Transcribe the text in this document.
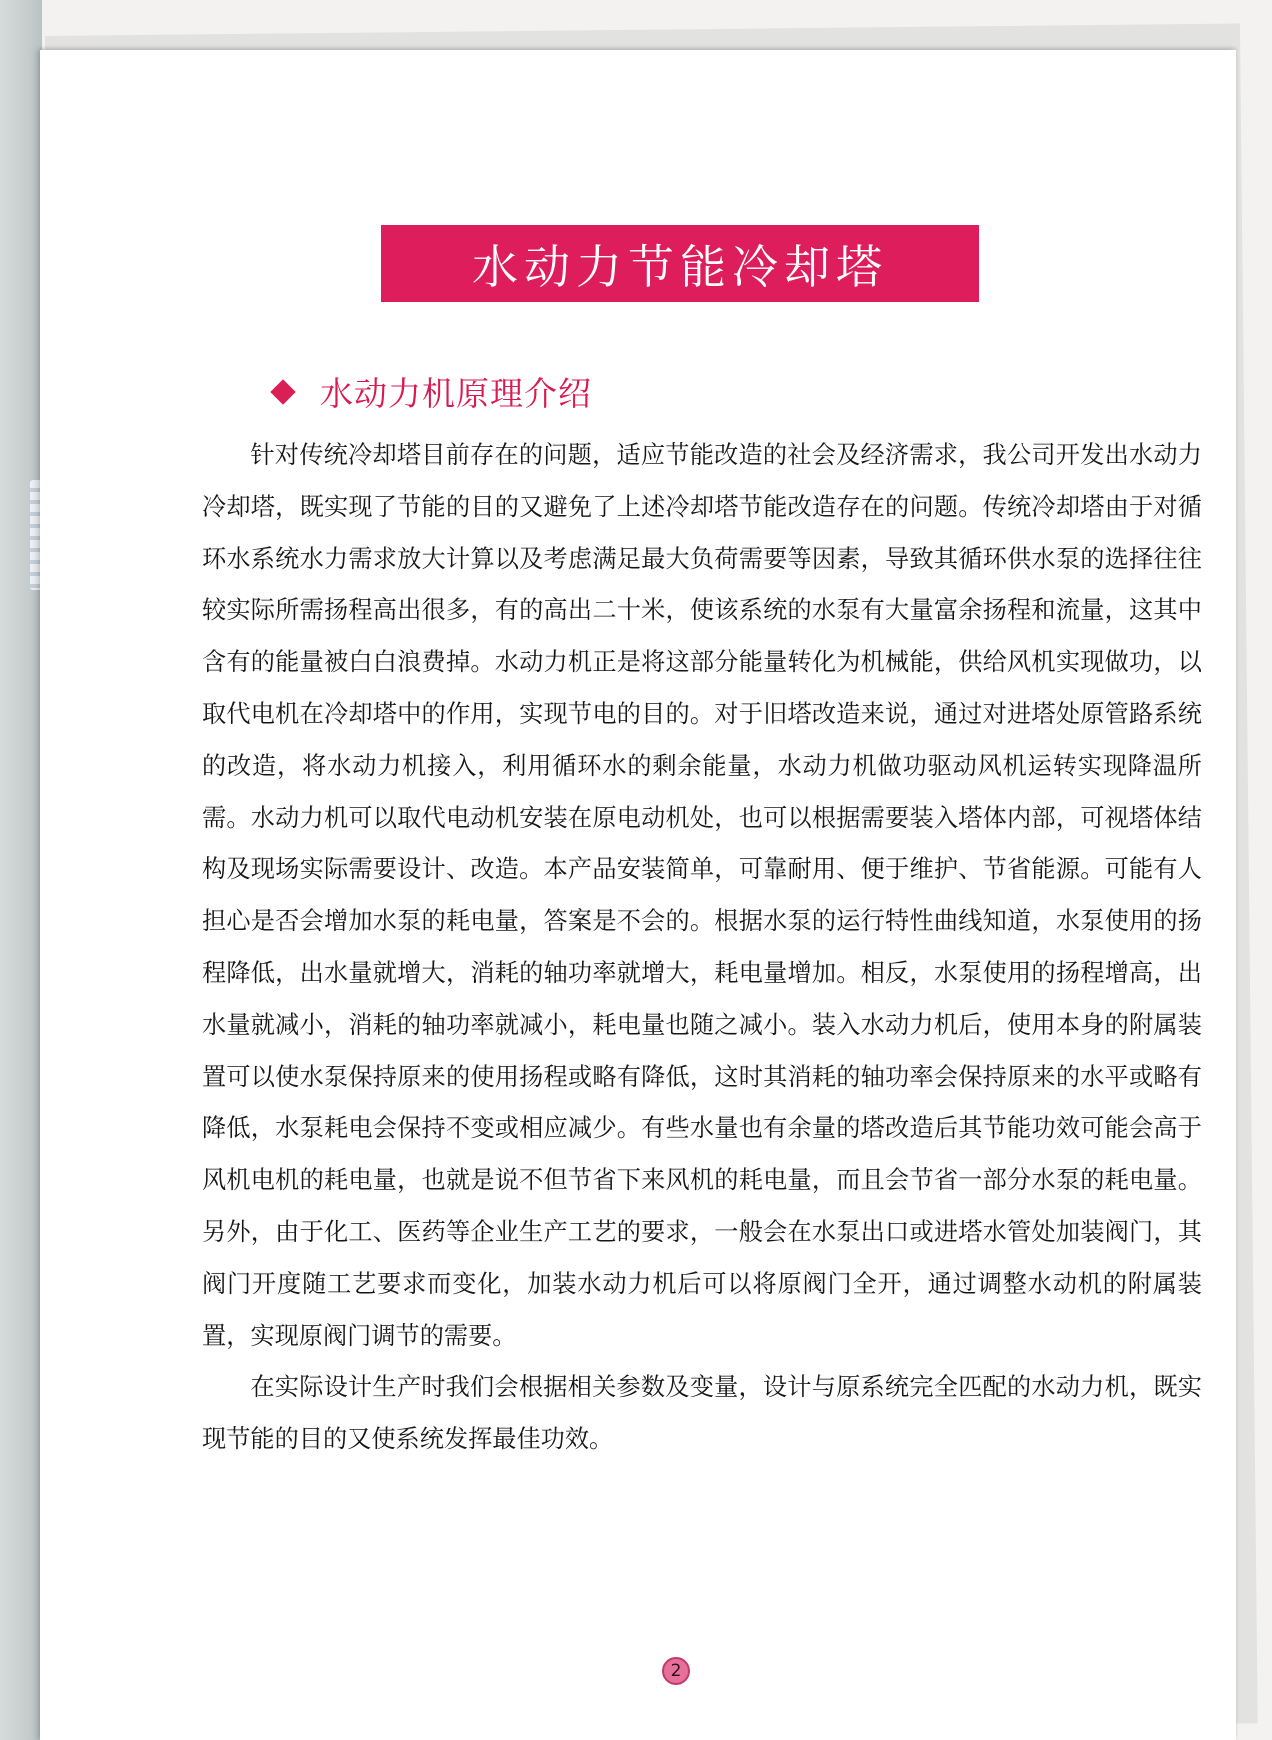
水动力节能冷却塔
水动力机原理介绍

针对传统冷却塔目前存在的问题，适应节能改造的社会及经济需求，我公司开发出水动力冷却塔，既实现了节能的目的又避免了上述冷却塔节能改造存在的问题。传统冷却塔由于对循环水系统水力需求放大计算以及考虑满足最大负荷需要等因素，导致其循环供水泵的选择往往较实际所需扬程高出很多，有的高出二十米，使该系统的水泵有大量富余扬程和流量，这其中含有的能量被白白浪费掉。水动力机正是将这部分能量转化为机械能，供给风机实现做功，以取代电机在冷却塔中的作用，实现节电的目的。对于旧塔改造来说，通过对进塔处原管路系统的改造，将水动力机接入，利用循环水的剩余能量，水动力机做功驱动风机运转实现降温所需。水动力机可以取代电动机安装在原电动机处，也可以根据需要装入塔体内部，可视塔体结构及现场实际需要设计、改造。本产品安装简单，可靠耐用、便于维护、节省能源。可能有人担心是否会增加水泵的耗电量，答案是不会的。根据水泵的运行特性曲线知道，水泵使用的扬程降低，出水量就增大，消耗的轴功率就增大，耗电量增加。相反，水泵使用的扬程增高，出水量就减小，消耗的轴功率就减小，耗电量也随之减小。装入水动力机后，使用本身的附属装置可以使水泵保持原来的使用扬程或略有降低，这时其消耗的轴功率会保持原来的水平或略有降低，水泵耗电会保持不变或相应减少。有些水量也有余量的塔改造后其节能功效可能会高于风机电机的耗电量，也就是说不但节省下来风机的耗电量，而且会节省一部分水泵的耗电量。另外，由于化工、医药等企业生产工艺的要求，一般会在水泵出口或进塔水管处加装阀门，其阀门开度随工艺要求而变化，加装水动力机后可以将原阀门全开，通过调整水动机的附属装置，实现原阀门调节的需要。

在实际设计生产时我们会根据相关参数及变量，设计与原系统完全匹配的水动力机，既实现节能的目的又使系统发挥最佳功效。

2
